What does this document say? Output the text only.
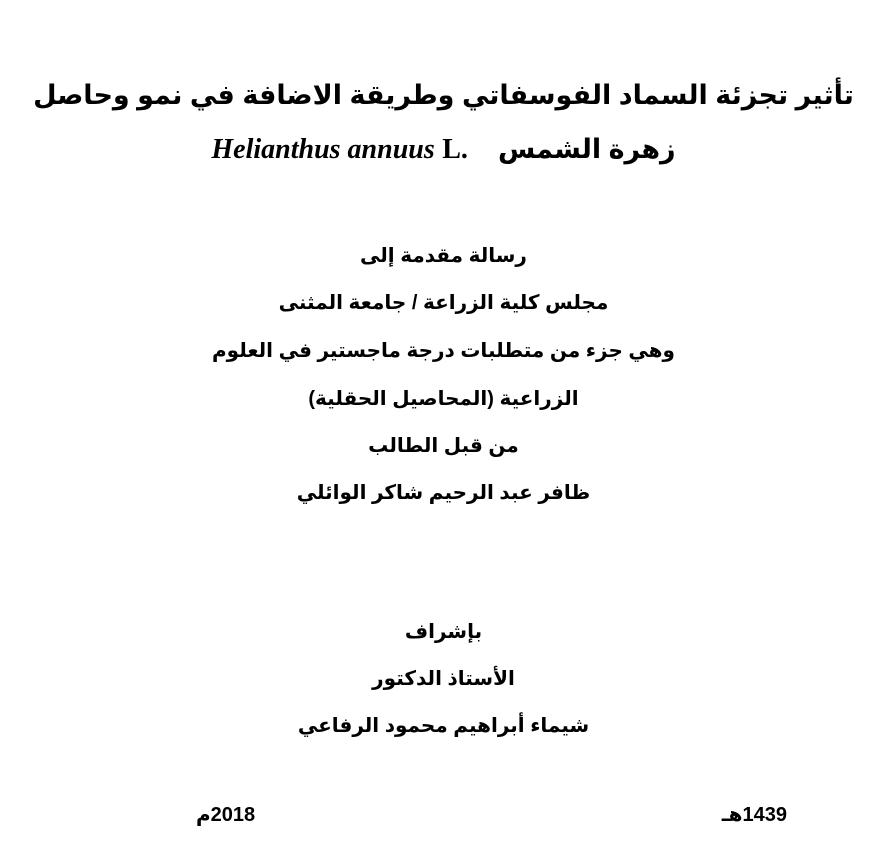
تأثير تجزئة السماد الفوسفاتي وطريقة الاضافة في نمو وحاصل
Helianthus annuus L. زهرة الشمس
رسالة مقدمة إلى
مجلس كلية الزراعة / جامعة المثنى
وهي جزء من متطلبات درجة ماجستير في العلوم
الزراعية (المحاصيل الحقلية)
من قبل الطالب
ظافر عبد الرحيم شاكر الوائلي
بإشراف
الأستاذ الدكتور
شيماء أبراهيم محمود الرفاعي
1439هـ
2018م
